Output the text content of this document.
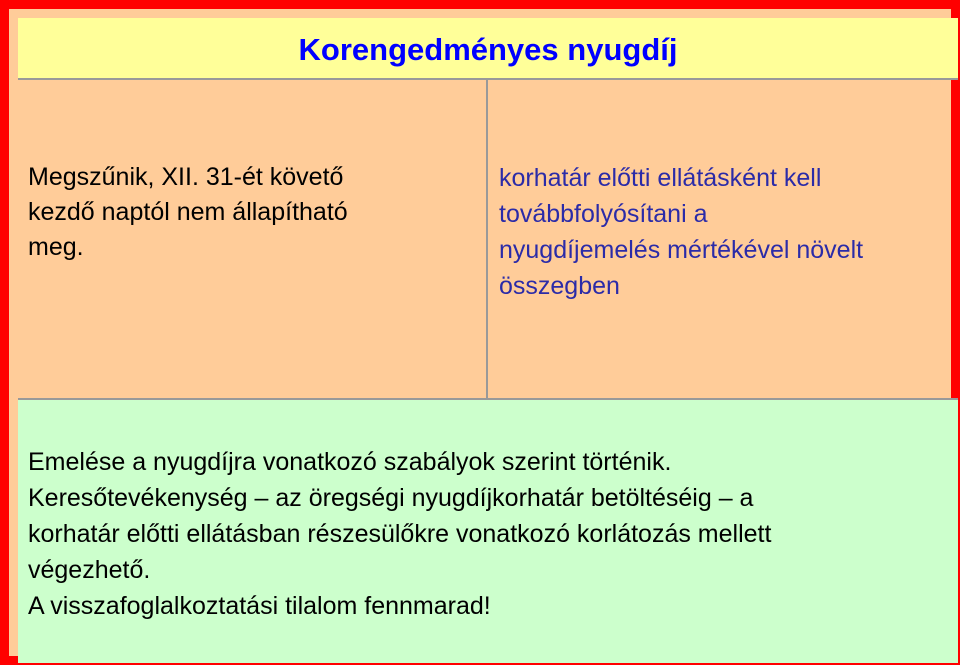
Korengedményes nyugdíj
Megszűnik, XII. 31-ét követő
kezdő naptól nem állapítható
meg.
korhatár előtti ellátásként kell
továbbfolyósítani a
nyugdíjemelés mértékével növelt
összegben
Emelése a nyugdíjra vonatkozó szabályok szerint történik.
Keresőtevékenység – az öregségi nyugdíjkorhatár betöltéséig – a
korhatár előtti ellátásban részesülőkre vonatkozó korlátozás mellett
végezhető.
A visszafoglalkoztatási tilalom fennmarad!
